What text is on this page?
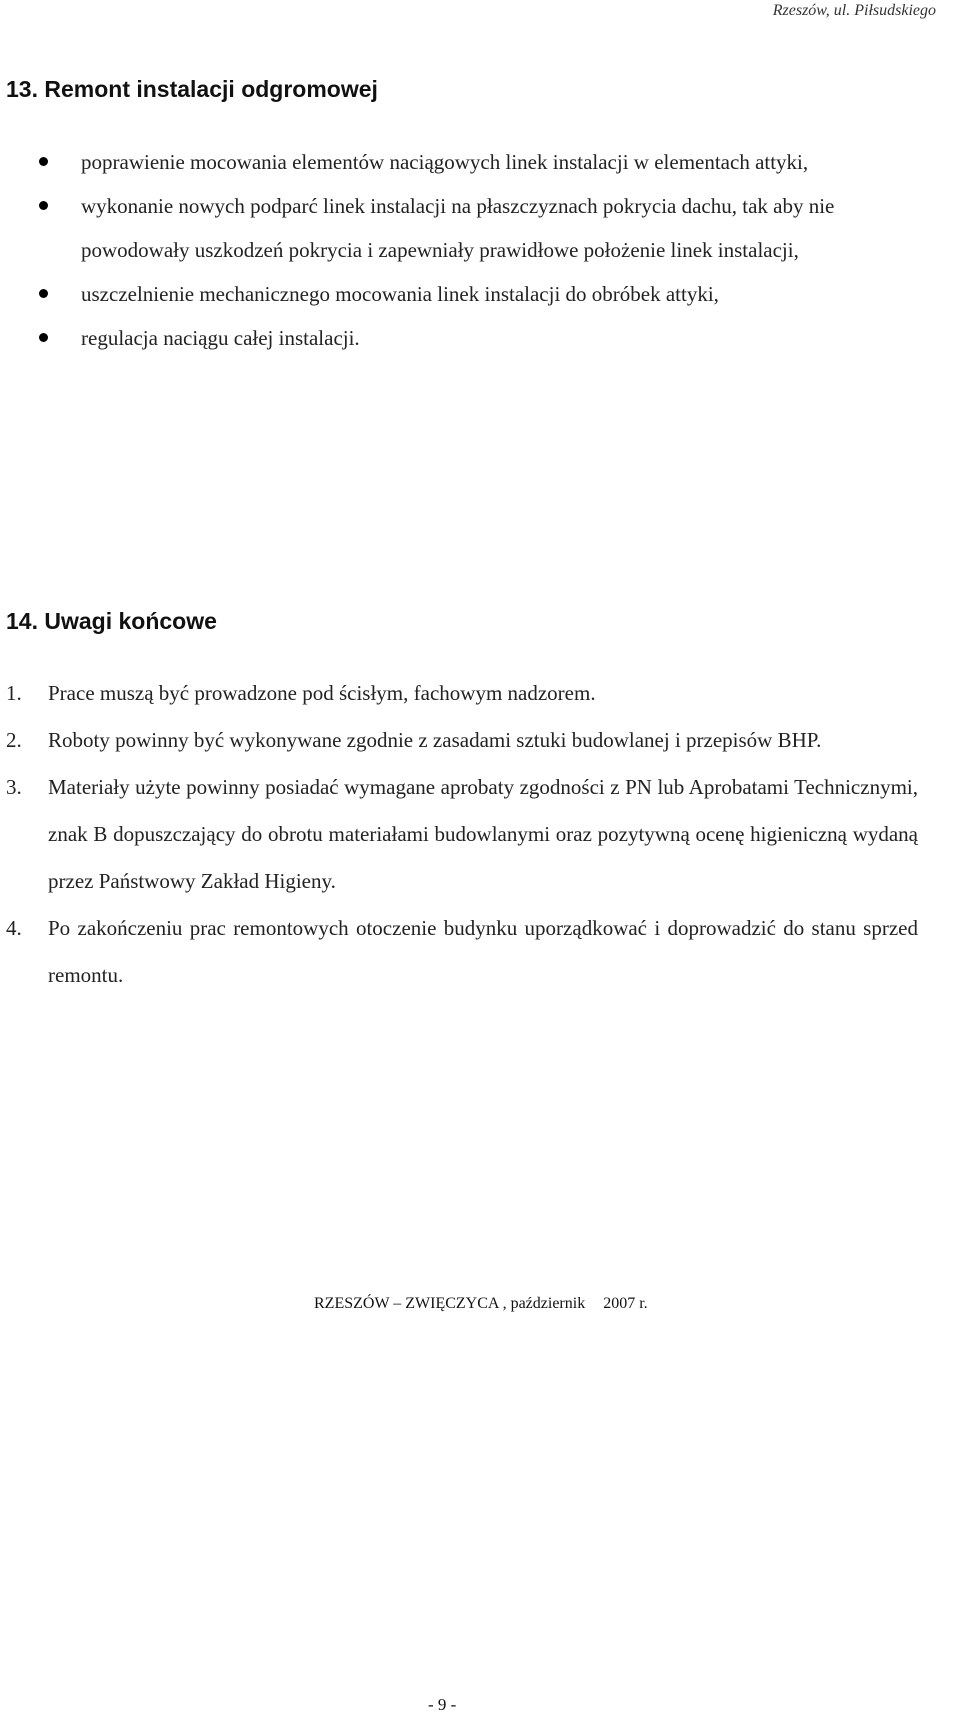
Rzeszów, ul. Piłsudskiego
13. Remont instalacji odgromowej

poprawienie mocowania elementów naciągowych linek instalacji w elementach attyki,

wykonanie nowych podparć linek instalacji na płaszczyznach pokrycia dachu, tak aby nie powodowały uszkodzeń pokrycia i zapewniały prawidłowe położenie linek instalacji,

uszczelnienie mechanicznego mocowania linek instalacji do obróbek attyki,

regulacja naciągu całej instalacji.

14. Uwagi końcowe

1. Prace muszą być prowadzone pod ścisłym, fachowym nadzorem.

2. Roboty powinny być wykonywane zgodnie z zasadami sztuki budowlanej i przepisów BHP.

3. Materiały użyte powinny posiadać wymagane aprobaty zgodności z PN lub Aprobatami Technicznymi, znak B dopuszczający do obrotu materiałami budowlanymi oraz pozytywną ocenę higieniczną wydaną przez Państwowy Zakład Higieny.

4. Po zakończeniu prac remontowych otoczenie budynku uporządkować i doprowadzić do stanu sprzed remontu.

RZESZÓW – ZWIĘCZYCA , październik 2007 r.
- 9 -
